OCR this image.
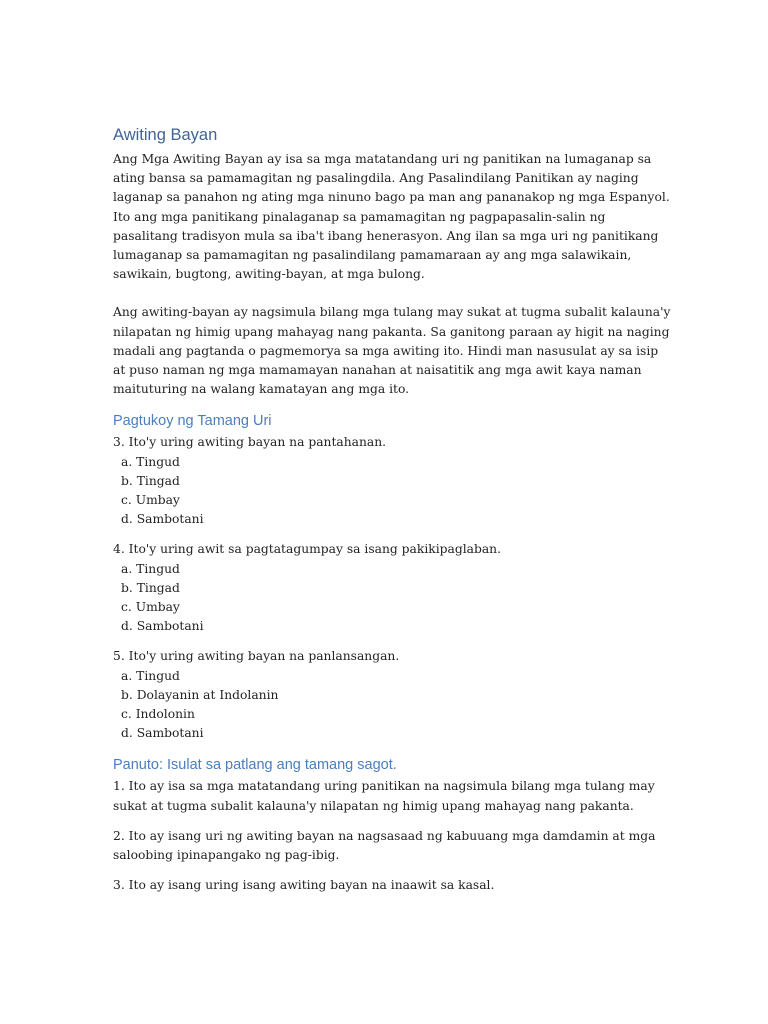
Awiting Bayan

Ang Mga Awiting Bayan ay isa sa mga matatandang uri ng panitikan na lumaganap sa ating bansa sa pamamagitan ng pasalingdila. Ang Pasalindilang Panitikan ay naging laganap sa panahon ng ating mga ninuno bago pa man ang pananakop ng mga Espanyol. Ito ang mga panitikang pinalaganap sa pamamagitan ng pagpapasalin-salin ng pasalitang tradisyon mula sa iba't ibang henerasyon. Ang ilan sa mga uri ng panitikang lumaganap sa pamamagitan ng pasalindilang pamamaraan ay ang mga salawikain, sawikain, bugtong, awiting-bayan, at mga bulong.

Ang awiting-bayan ay nagsimula bilang mga tulang may sukat at tugma subalit kalauna'y nilapatan ng himig upang mahayag nang pakanta. Sa ganitong paraan ay higit na naging madali ang pagtanda o pagmemorya sa mga awiting ito. Hindi man nasusulat ay sa isip at puso naman ng mga mamamayan nanahan at naisatitik ang mga awit kaya naman maituturing na walang kamatayan ang mga ito.

Pagtukoy ng Tamang Uri

3. Ito'y uring awiting bayan na pantahanan.

a. Tingud
b. Tingad
c. Umbay
d. Sambotani

4. Ito'y uring awit sa pagtatagumpay sa isang pakikipaglaban.

a. Tingud
b. Tingad
c. Umbay
d. Sambotani

5. Ito'y uring awiting bayan na panlansangan.

a. Tingud
b. Dolayanin at Indolanin
c. Indolonin
d. Sambotani
Panuto: Isulat sa patlang ang tamang sagot.

1. Ito ay isa sa mga matatandang uring panitikan na nagsimula bilang mga tulang may sukat at tugma subalit kalauna'y nilapatan ng himig upang mahayag nang pakanta.

2. Ito ay isang uri ng awiting bayan na nagsasaad ng kabuuang mga damdamin at mga saloobing ipinapangako ng pag-ibig.

3. Ito ay isang uring isang awiting bayan na inaawit sa kasal.
